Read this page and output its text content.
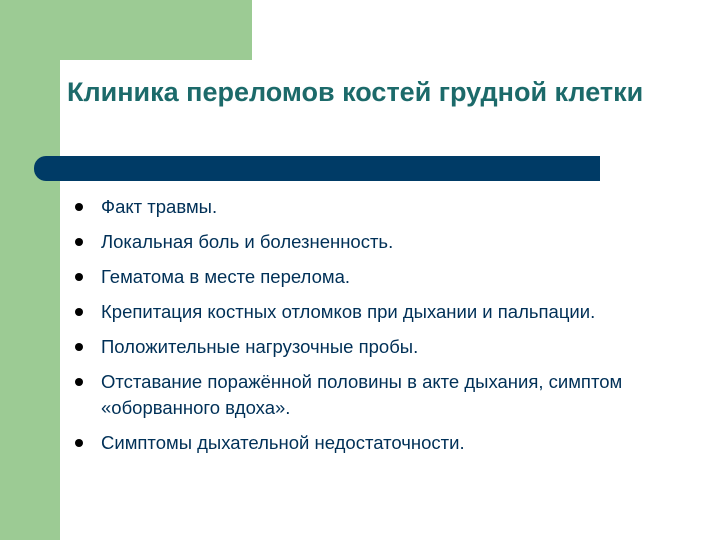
Клиника переломов костей грудной клетки
Факт травмы.
Локальная боль и болезненность.
Гематома в месте перелома.
Крепитация костных отломков при дыхании и пальпации.
Положительные нагрузочные пробы.
Отставание поражённой половины в акте дыхания, симптом «оборванного вдоха».
Симптомы дыхательной недостаточности.
